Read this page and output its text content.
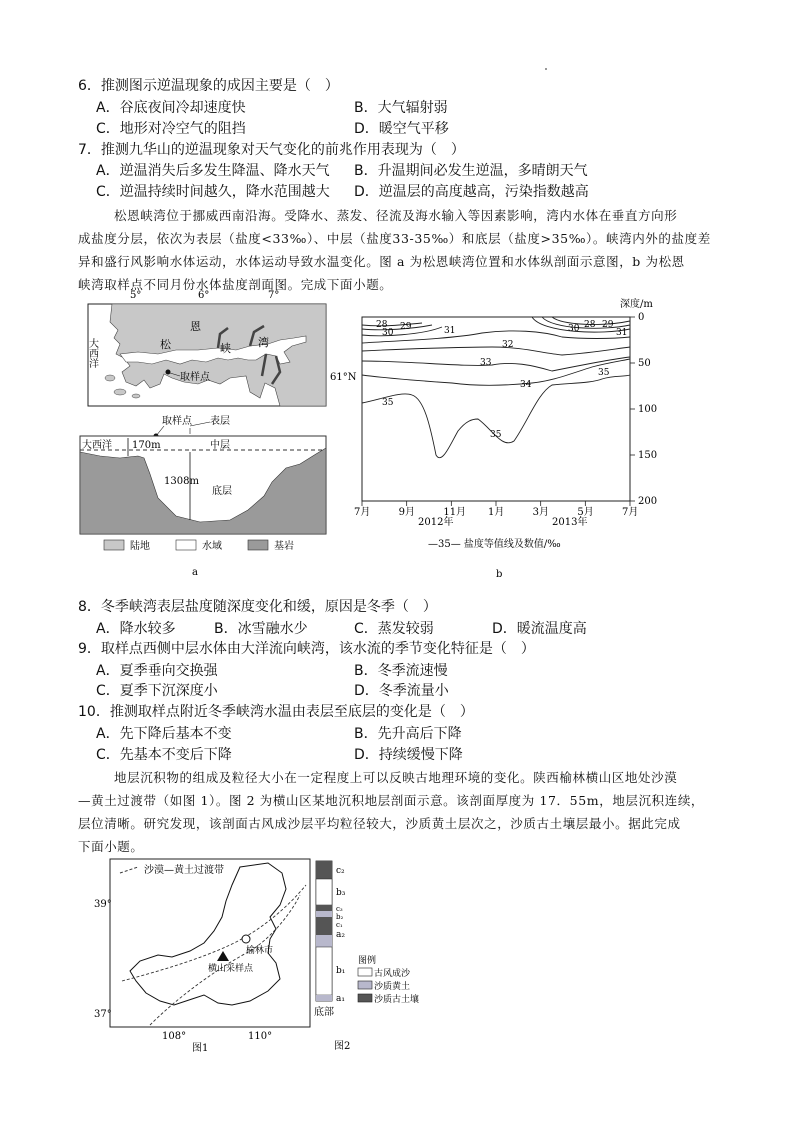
6．推测图示逆温现象的成因主要是（　）
A．谷底夜间冷却速度快	B．大气辐射弱
C．地形对冷空气的阻挡	D．暖空气平移
7．推测九华山的逆温现象对天气变化的前兆作用表现为（　）
A．逆温消失后多发生降温、降水天气 B．升温期间必发生逆温，多晴朗天气
C．逆温持续时间越久，降水范围越大 D．逆温层的高度越高，污染指数越高
松恩峡湾位于挪威西南沿海。受降水、蒸发、径流及海水输入等因素影响，湾内水体在垂直方向形
成盐度分层，依次为表层（盐度<33‰）、中层（盐度33-35‰）和底层（盐度>35‰）。峡湾内外的盐度差
异和盛行风影响水体运动，水体运动导致水温变化。图 a 为松恩峡湾位置和水体纵剖面示意图，b 为松恩
峡湾取样点不同月份水体盐度剖面图。完成下面小题。
5°	6°	7°
大西洋	松
恩
峡 湾
取样点	61°N
取样点 表层
大西洋 170m	中层
1308m
底层
陆地	水域	基岩
a
深度/m
0
50
100
150
200
7月	9月	11月 1月	3月	5月	7月
28 29
30	31
28 29
30	31
32
33
34
35
35
35
2012年	2013年
—35— 盐度等值线及数值/‰
b
8．冬季峡湾表层盐度随深度变化和缓，原因是冬季（　）
A．降水较多	B．冰雪融水少	C．蒸发较弱	D．暖流温度高
9．取样点西侧中层水体由大洋流向峡湾，该水流的季节变化特征是（　）
A．夏季垂向交换强	B．冬季流速慢
C．夏季下沉深度小	D．冬季流量小
10．推测取样点附近冬季峡湾水温由表层至底层的变化是（　）
A．先下降后基本不变	B．先升高后下降
C．先基本不变后下降	D．持续缓慢下降
地层沉积物的组成及粒径大小在一定程度上可以反映古地理环境的变化。陕西榆林横山区地处沙漠
—黄土过渡带（如图 1）。图 2 为横山区某地沉积地层剖面示意。该剖面厚度为 17．55m，地层沉积连续，
层位清晰。研究发现，该剖面古风成沙层平均粒径较大，沙质黄土层次之，沙质古土壤层最小。据此完成
下面小题。
沙漠—黄土过渡带
39°
37°
榆林市
横山采样点
108°	110°
图1
c₂
b₃
c₃
b₂
c₁
a₂
b₁
a₁
底部
图例
古风成沙
沙质黄土
沙质古土壤
图2
